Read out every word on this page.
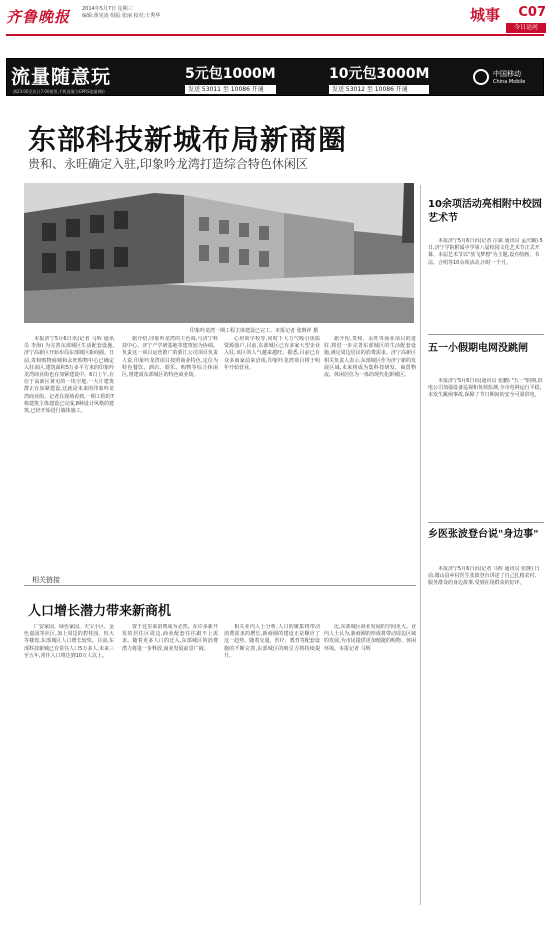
齐鲁晚报	2014年5月7日 星期三
编辑:黄宪凌 组版:张丽 校对:王秀华	城事 C07
今日运河
流量随意玩
满23:00至次日7:00使用,手机流量为GPRS流量(略)
5元包1000M
发送 53011 至 10086 开通
10元包3000M
发送 53012 至 10086 开通
中国移动
China Mobile
东部科技新城布局新商圈
贵和、永旺确定入驻,印象吟龙湾打造综合特色休闲区
印象吟龙湾一期工程主体建设已完工。本报记者 张继祥 摄

本报济宁5月6日讯(记者 马辉 通讯员 李海) 为完善东部城区生活配套设施,济宁高新区开始布局东部城区新商圈。日前,贵和购物商城和永旺购物中心已确定入驻该区,建筑面积5万多平方米的印象吟龙湾商业街也在加紧建设中。6日上午,在位于高新区黄屯的一块空地,一大片建筑群正在加紧建设,这就是未来的印象吟龙湾商业街。记者在现场看到,一期工程的7栋建筑主体建设已完成,8种设计风格的建筑,已经开始进行墙体施工。

据介绍,印象吟龙湾的主色调,与济宁科技中心、济宁产学研基地等建筑较为协调。负责这一项目运营推广的浙江公司项目负责人说,印象吟龙湾项目按照商业特色,定位为特色餐饮、酒店、娱乐、购物等综合休闲区,将建成东部城区的特色商业街。

心培训学校等,同时下大力气吸引优质资源落户,目前,东部城区已有多家大型企业入驻,该区的人气越来越旺。据悉,目前已有众多商家前来洽谈,印象吟龙湾项目将于明年开始营业。

据介绍,贵和、永旺等商业项目的进驻,将进一步完善东部城区的生活配套设施,满足周边居民的消费需求。济宁高新区相关负责人表示,东部城区作为济宁新的发展区域,未来将成为集科技研发、商贸物流、休闲居住为一体的现代化新城区。

相关链接
人口增长潜力带来新商机

广安家园、绿色家园、天宝小区、金色嘉园等社区,加上周边的碧桂园、恒大等楼盘,东部城区人口增长较快。目前,东部科技新城已有常住人口5万多人,未来三至五年,常住人口将达到10万人以上。

置于这里来消费成为必然。在许多新开发的居住区周边,商业配套往往跟不上需求。随着更多人口的迁入,东部城区的消费潜力将进一步释放,商业发展前景广阔。

相关业内人士分析,人口的聚集将带动消费需求的增长,新商圈的建设正是顺应了这一趋势。随着交通、医疗、教育等配套设施的不断完善,东部城区的吸引力将持续提升。

比,东部城区商业发展的空间更大。业内人士认为,新商圈的形成将带动周边区域的发展,为市民提供更加便捷的购物、休闲环境。本报记者 马辉

10余项活动亮相附中校园艺术节

本报济宁5月6日讯(记者 汪斌 通讯员 孟庆璐) 5日,济宁学院附属中学第八届校园文化艺术节正式开幕。本届艺术节以"放飞梦想"为主题,设有绘画、书法、合唱等10余项活动,历时一个月。

五一小假期电网没跳闸

本报济宁5月6日讯(通讯员 张鹏) "五一"假期,供电公司加强设备巡视和负荷监测,全市电网运行平稳,未发生跳闸事故,保障了节日期间的安全可靠供电。

乡医张波登台说"身边事"

本报济宁5月6日讯(记者 马辉 通讯员 张静) 日前,微山县乡村医生张波登台讲述了自己扎根农村、服务群众的身边故事,受到在场群众的好评。
